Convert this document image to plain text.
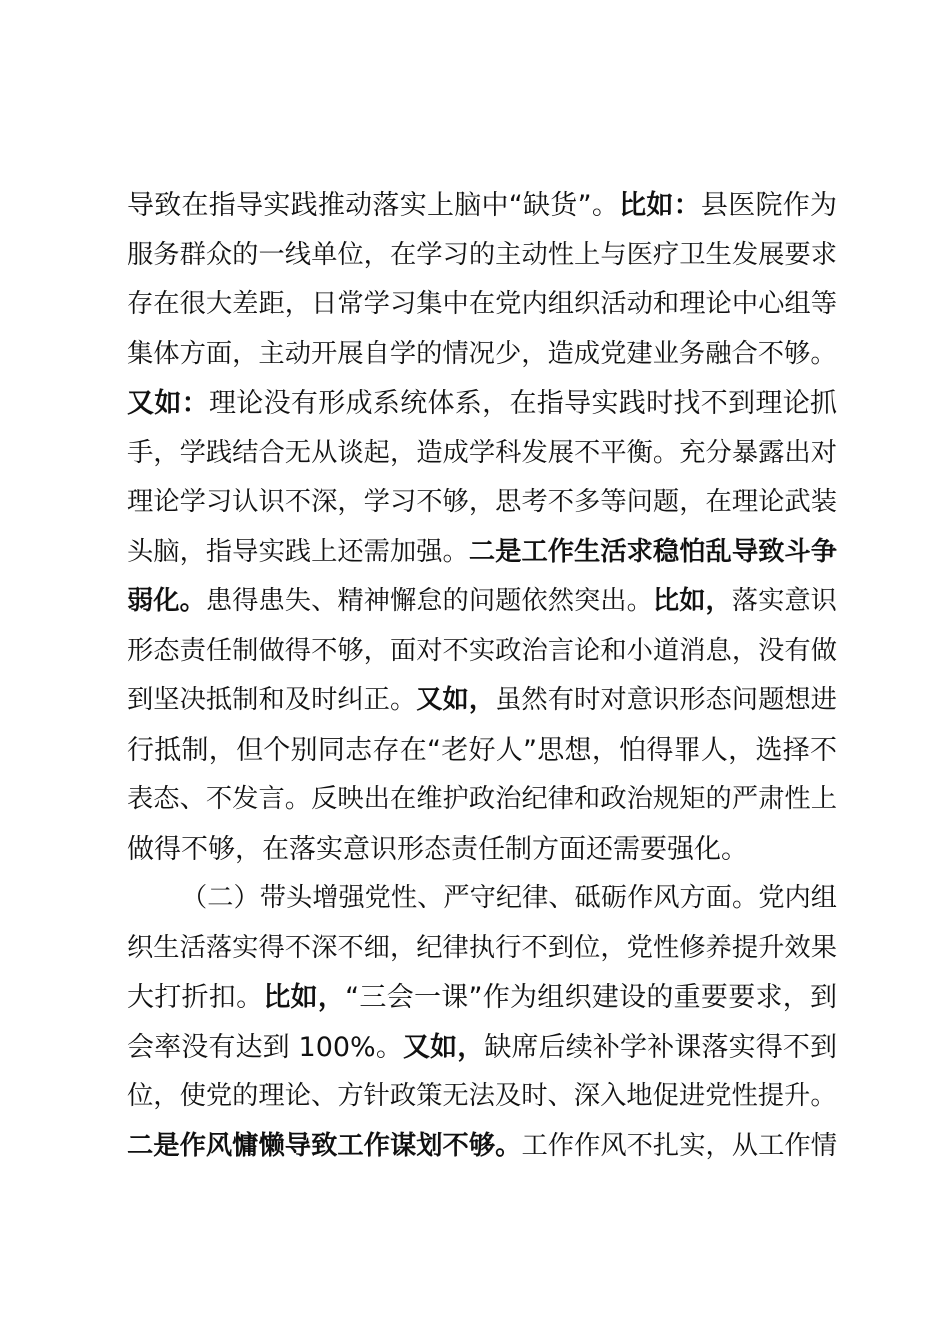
导致在指导实践推动落实上脑中“缺货”。比如：县医院作为
服务群众的一线单位，在学习的主动性上与医疗卫生发展要求
存在很大差距，日常学习集中在党内组织活动和理论中心组等
集体方面，主动开展自学的情况少，造成党建业务融合不够。
又如：理论没有形成系统体系，在指导实践时找不到理论抓
手，学践结合无从谈起，造成学科发展不平衡。充分暴露出对
理论学习认识不深，学习不够，思考不多等问题，在理论武装
头脑，指导实践上还需加强。二是工作生活求稳怕乱导致斗争
弱化。患得患失、精神懈怠的问题依然突出。比如，落实意识
形态责任制做得不够，面对不实政治言论和小道消息，没有做
到坚决抵制和及时纠正。又如，虽然有时对意识形态问题想进
行抵制，但个别同志存在“老好人”思想，怕得罪人，选择不
表态、不发言。反映出在维护政治纪律和政治规矩的严肃性上
做得不够，在落实意识形态责任制方面还需要强化。
（二）带头增强党性、严守纪律、砥砺作风方面。党内组
织生活落实得不深不细，纪律执行不到位，党性修养提升效果
大打折扣。比如，“三会一课”作为组织建设的重要要求，到
会率没有达到 100%。又如，缺席后续补学补课落实得不到
位，使党的理论、方针政策无法及时、深入地促进党性提升。
二是作风慵懒导致工作谋划不够。工作作风不扎实，从工作情
